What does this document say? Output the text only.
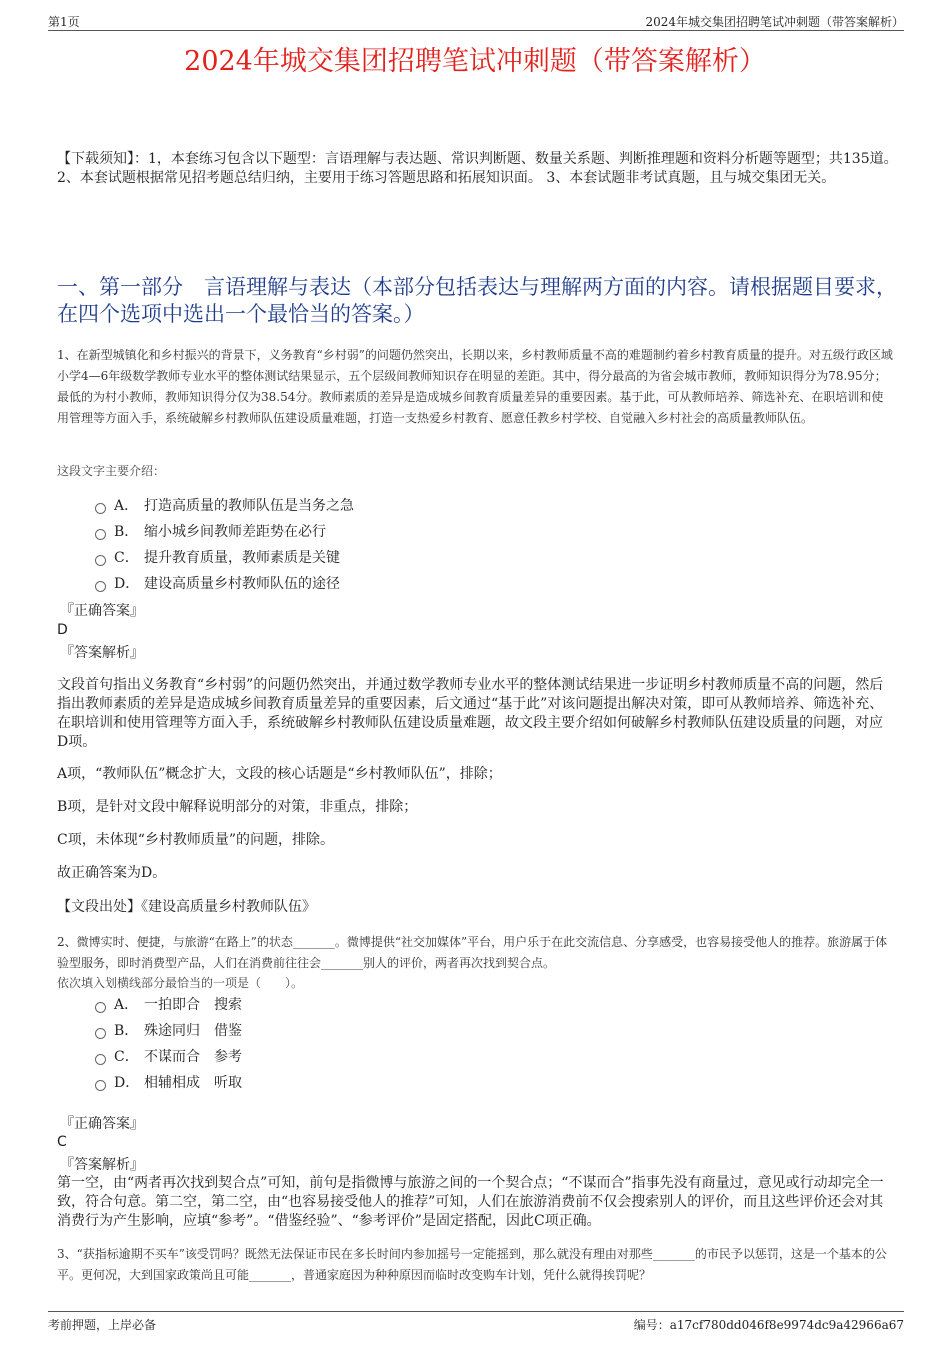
第1页	2024年城交集团招聘笔试冲刺题（带答案解析）
2024年城交集团招聘笔试冲刺题（带答案解析）
【下载须知】：1，本套练习包含以下题型：言语理解与表达题、常识判断题、数量关系题、判断推理题和资料分析题等题型；共135道。 2、本套试题根据常见招考题总结归纳，主要用于练习答题思路和拓展知识面。 3、本套试题非考试真题，且与城交集团无关。
一、第一部分　言语理解与表达（本部分包括表达与理解两方面的内容。请根据题目要求，在四个选项中选出一个最恰当的答案。）
1、在新型城镇化和乡村振兴的背景下，义务教育“乡村弱”的问题仍然突出，长期以来，乡村教师质量不高的难题制约着乡村教育质量的提升。对五级行政区域小学4—6年级数学教师专业水平的整体测试结果显示，五个层级间教师知识存在明显的差距。其中，得分最高的为省会城市教师，教师知识得分为78.95分；最低的为村小教师，教师知识得分仅为38.54分。教师素质的差异是造成城乡间教育质量差异的重要因素。基于此，可从教师培养、筛选补充、在职培训和使用管理等方面入手，系统破解乡村教师队伍建设质量难题，打造一支热爱乡村教育、愿意任教乡村学校、自觉融入乡村社会的高质量教师队伍。
这段文字主要介绍：
A． 打造高质量的教师队伍是当务之急
B． 缩小城乡间教师差距势在必行
C． 提升教育质量，教师素质是关键
D． 建设高质量乡村教师队伍的途径
『正确答案』
D
『答案解析』
文段首句指出义务教育“乡村弱”的问题仍然突出，并通过数学教师专业水平的整体测试结果进一步证明乡村教师质量不高的问题，然后指出教师素质的差异是造成城乡间教育质量差异的重要因素，后文通过“基于此”对该问题提出解决对策，即可从教师培养、筛选补充、在职培训和使用管理等方面入手，系统破解乡村教师队伍建设质量难题，故文段主要介绍如何破解乡村教师队伍建设质量的问题，对应D项。
A项，“教师队伍”概念扩大，文段的核心话题是“乡村教师队伍”，排除；
B项，是针对文段中解释说明部分的对策，非重点，排除；
C项，未体现“乡村教师质量”的问题，排除。
故正确答案为D。
【文段出处】《建设高质量乡村教师队伍》
2、微博实时、便捷，与旅游“在路上”的状态_______。微博提供“社交加媒体”平台，用户乐于在此交流信息、分享感受，也容易接受他人的推荐。旅游属于体验型服务，即时消费型产品，人们在消费前往往会_______别人的评价，两者再次找到契合点。
依次填入划横线部分最恰当的一项是（　　）。
A． 一拍即合　搜索
B． 殊途同归　借鉴
C． 不谋而合　参考
D． 相辅相成　听取
『正确答案』
C
『答案解析』
第一空，由“两者再次找到契合点”可知，前句是指微博与旅游之间的一个契合点；“不谋而合”指事先没有商量过，意见或行动却完全一致，符合句意。第二空，第二空，由“也容易接受他人的推荐”可知，人们在旅游消费前不仅会搜索别人的评价，而且这些评价还会对其消费行为产生影响，应填“参考”。“借鉴经验”、“参考评价”是固定搭配，因此C项正确。
3、“获指标逾期不买车”该受罚吗？既然无法保证市民在多长时间内参加摇号一定能摇到，那么就没有理由对那些_______的市民予以惩罚，这是一个基本的公平。更何况，大到国家政策尚且可能_______，普通家庭因为种种原因而临时改变购车计划，凭什么就得挨罚呢？
考前押题，上岸必备	编号：a17cf780dd046f8e9974dc9a42966a67
